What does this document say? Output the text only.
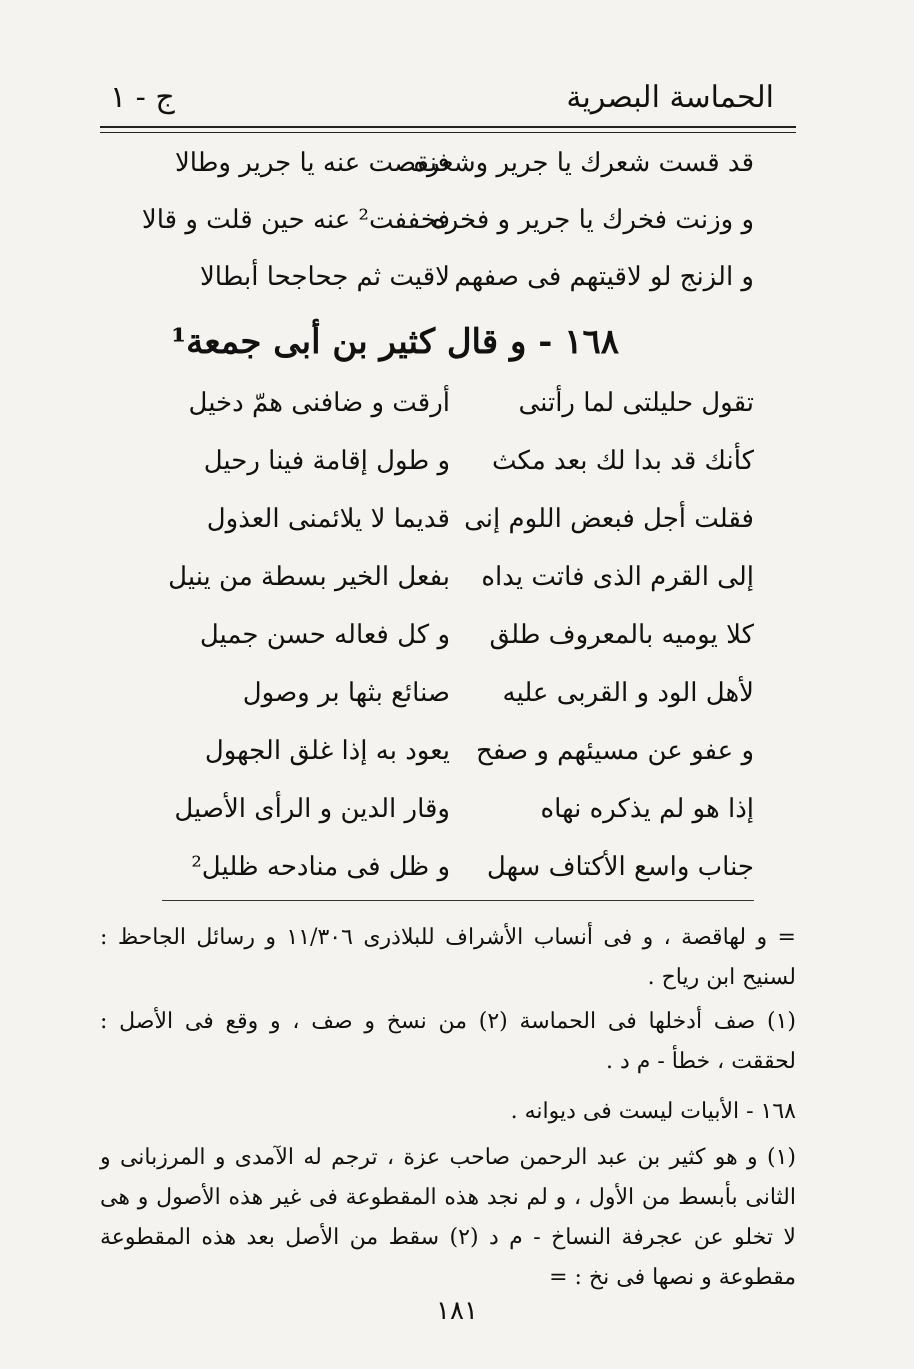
الحماسة البصرية
ج - ١
قد قست شعرك يا جرير وشعره
فنقصت عنه يا جرير وطالا
و وزنت فخرك يا جرير و فخره
فخففت² عنه حين قلت و قالا
و الزنج لو لاقيتهم فى صفهم
لاقيت ثم جحاجحا أبطالا
١٦٨ - و قال كثير بن أبى جمعة¹
تقول حليلتى لما رأتنى
أرقت و ضافنى همّ دخيل
كأنك قد بدا لك بعد مكث
و طول إقامة فينا رحيل
فقلت أجل فبعض اللوم إنى
قديما لا يلائمنى العذول
إلى القرم الذى فاتت يداه
بفعل الخير بسطة من ينيل
كلا يوميه بالمعروف طلق
و كل فعاله حسن جميل
لأهل الود و القربى عليه
صنائع بثها بر وصول
و عفو عن مسيئهم و صفح
يعود به إذا غلق الجهول
إذا هو لم يذكره نهاه
وقار الدين و الرأى الأصيل
جناب واسع الأكتاف سهل
و ظل فى منادحه ظليل²
= و لهاقصة ، و فى أنساب الأشراف للبلاذرى ١١/٣٠٦ و رسائل الجاحظ : لسنيح ابن رياح .
(١) صف أدخلها فى الحماسة (٢) من نسخ و صف ، و وقع فى الأصل : لحققت ، خطأ - م د .
١٦٨ - الأبيات ليست فى ديوانه .
(١) و هو كثير بن عبد الرحمن صاحب عزة ، ترجم له الآمدى و المرزبانى و الثانى بأبسط من الأول ، و لم نجد هذه المقطوعة فى غير هذه الأصول و هى لا تخلو عن عجرفة النساخ - م د (٢) سقط من الأصل بعد هذه المقطوعة مقطوعة و نصها فى نخ : =
١٨١
